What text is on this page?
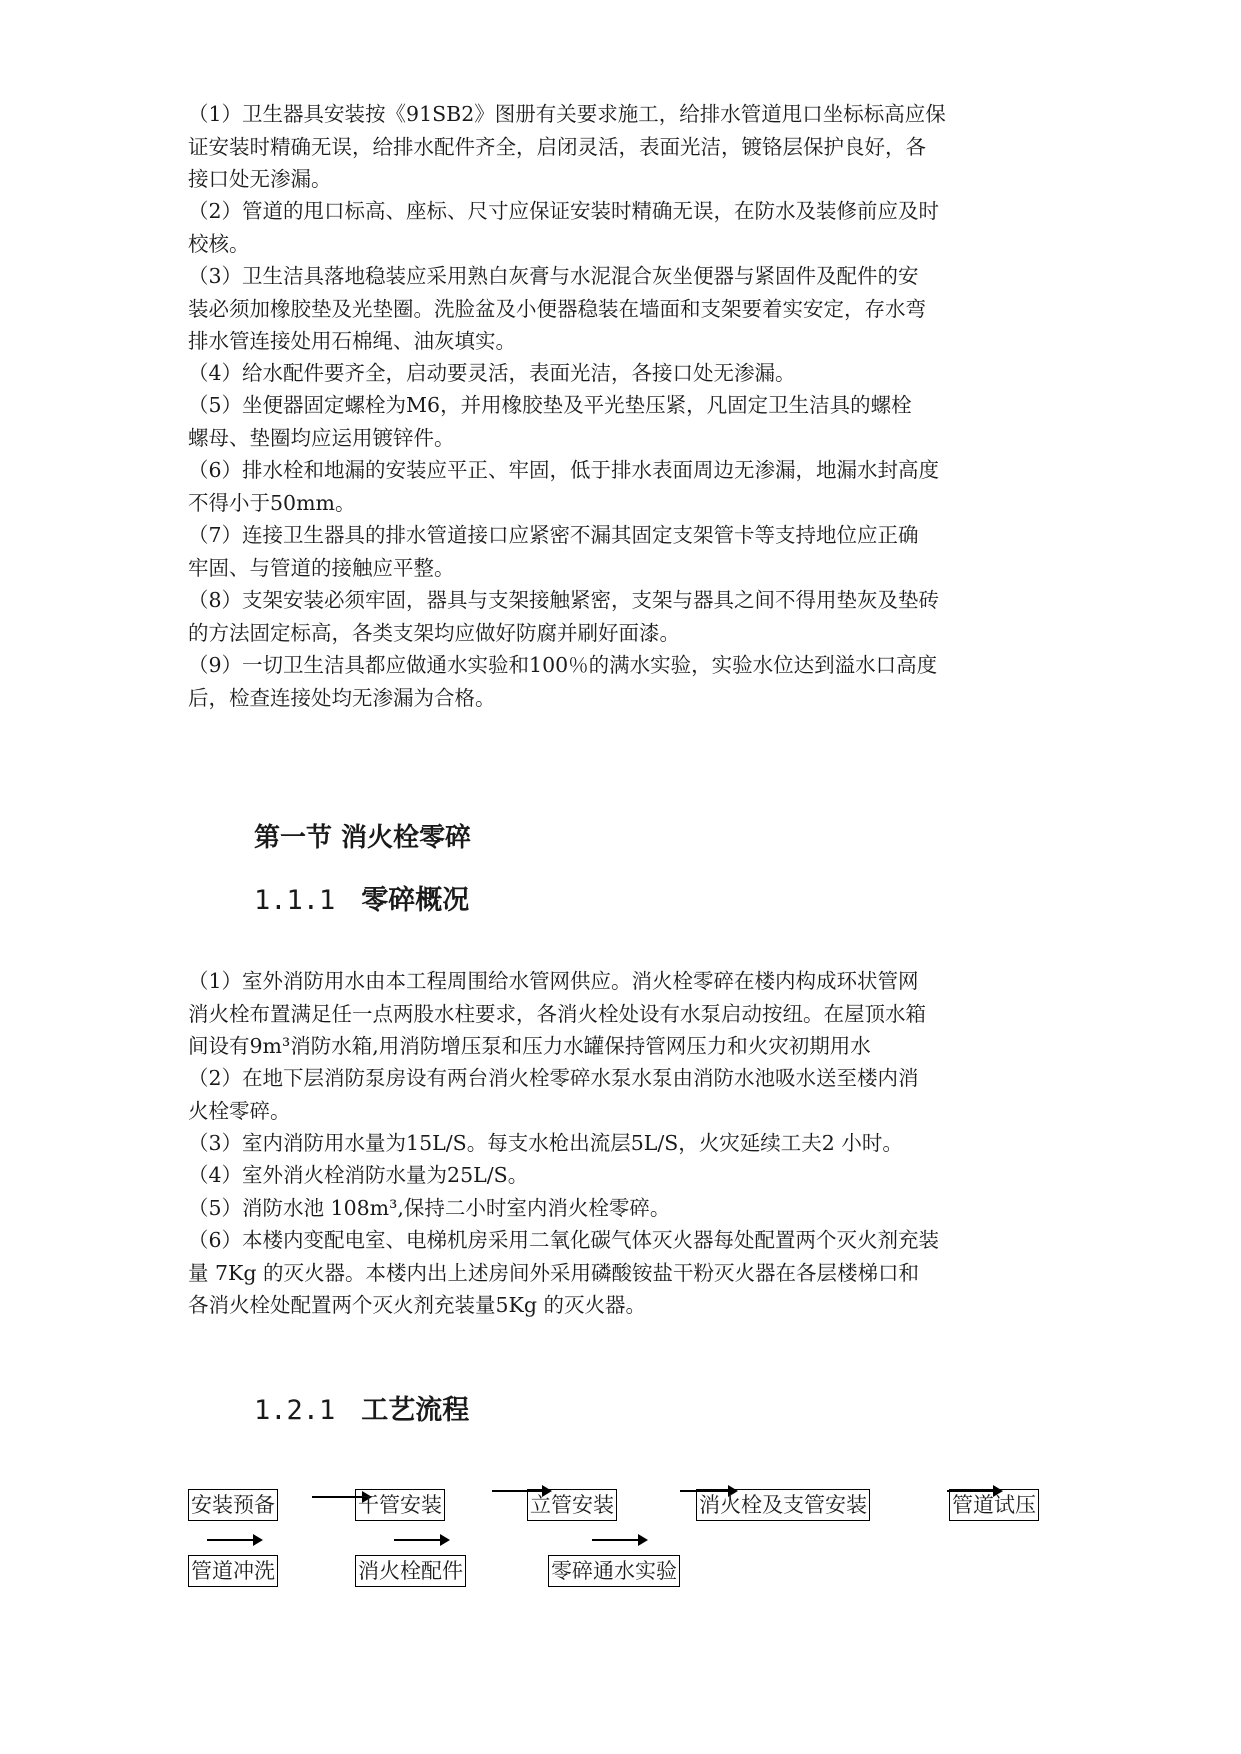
（1）卫生器具安装按《91SB2》图册有关要求施工，给排水管道甩口坐标标高应保
证安装时精确无误，给排水配件齐全，启闭灵活，表面光洁，镀铬层保护良好，各
接口处无渗漏。

（2）管道的甩口标高、座标、尺寸应保证安装时精确无误，在防水及装修前应及时
校核。

（3）卫生洁具落地稳装应采用熟白灰膏与水泥混合灰坐便器与紧固件及配件的安
装必须加橡胶垫及光垫圈。洗脸盆及小便器稳装在墙面和支架要着实安定，存水弯
排水管连接处用石棉绳、油灰填实。

（4）给水配件要齐全，启动要灵活，表面光洁，各接口处无渗漏。

（5）坐便器固定螺栓为M6，并用橡胶垫及平光垫压紧，凡固定卫生洁具的螺栓
螺母、垫圈均应运用镀锌件。

（6）排水栓和地漏的安装应平正、牢固，低于排水表面周边无渗漏，地漏水封高度
不得小于50mm。

（7）连接卫生器具的排水管道接口应紧密不漏其固定支架管卡等支持地位应正确
牢固、与管道的接触应平整。

（8）支架安装必须牢固，器具与支架接触紧密，支架与器具之间不得用垫灰及垫砖
的方法固定标高，各类支架均应做好防腐并刷好面漆。

（9）一切卫生洁具都应做通水实验和100％的满水实验，实验水位达到溢水口高度
后，检查连接处均无渗漏为合格。

第一节 消火栓零碎
1.1.1 零碎概况

（1）室外消防用水由本工程周围给水管网供应。消火栓零碎在楼内构成环状管网
消火栓布置满足任一点两股水柱要求，各消火栓处设有水泵启动按纽。在屋顶水箱
间设有9m³消防水箱,用消防增压泵和压力水罐保持管网压力和火灾初期用水

（2）在地下层消防泵房设有两台消火栓零碎水泵水泵由消防水池吸水送至楼内消
火栓零碎。

（3）室内消防用水量为15L/S。每支水枪出流层5L/S，火灾延续工夫2 小时。

（4）室外消火栓消防水量为25L/S。

（5）消防水池 108m³,保持二小时室内消火栓零碎。

（6）本楼内变配电室、电梯机房采用二氧化碳气体灭火器每处配置两个灭火剂充装
量 7Kg 的灭火器。本楼内出上述房间外采用磷酸铵盐干粉灭火器在各层楼梯口和
各消火栓处配置两个灭火剂充装量5Kg 的灭火器。

1.2.1 工艺流程
安装预备	干管安装	立管安装	消火栓及支管安装	管道试压
管道冲洗	消火栓配件	零碎通水实验
